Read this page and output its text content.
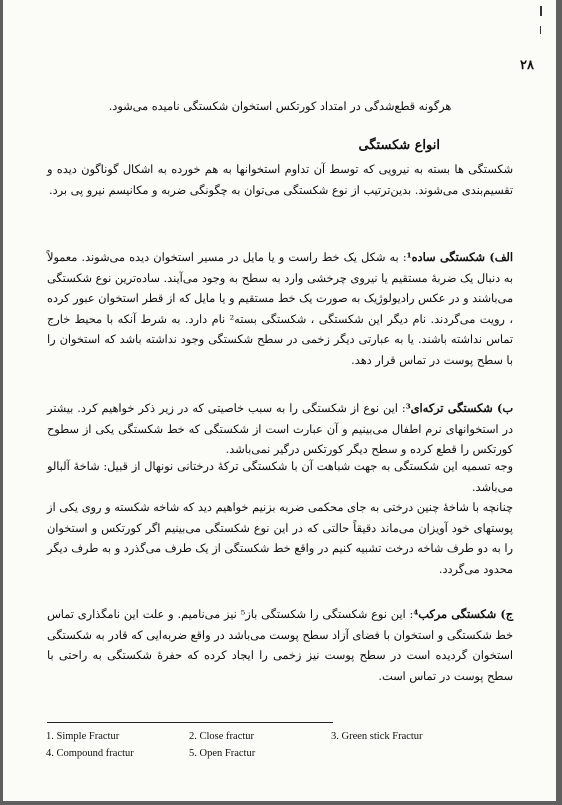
۲۸
هرگونه قطع‌شدگی در امتداد کورتکس استخوان شکستگی نامیده می‌شود.
انواع شکستگی
شکستگی ها بسته به نیرویی که توسط آن تداوم استخوانها به هم خورده به اشکال گوناگون دیده و تقسیم‌بندی می‌شوند. بدین‌ترتیب از نوع شکستگی می‌توان به چگونگی ضربه و مکانیسم نیرو پی برد.
الف) شکستگی ساده¹: به شکل یک خط راست و یا مایل در مسیر استخوان دیده می‌شوند. معمولاً به دنبال یک ضربهٔ مستقیم یا نیروی چرخشی وارد به سطح به وجود می‌آیند. ساده‌ترین نوع شکستگی می‌باشند و در عکس رادیولوژیک به صورت یک خط مستقیم و یا مایل که از قطر استخوان عبور کرده ، رویت می‌گردند. نام دیگر این شکستگی ، شکستگی بسته² نام دارد. به شرط آنکه با محیط خارج تماس نداشته باشند. یا به عبارتی دیگر زخمی در سطح شکستگی وجود نداشته باشد که استخوان را با سطح پوست در تماس قرار دهد.
ب) شکستگی ترکه‌ای³: این نوع از شکستگی را به سبب خاصیتی که در زیر ذکر خواهیم کرد. بیشتر در استخوانهای نرم اطفال می‌بینیم و آن عبارت است از شکستگی که خط شکستگی یکی از سطوح کورتکس را قطع کرده و سطح دیگر کورتکس درگیر نمی‌باشد.
وجه تسمیه این شکستگی به جهت شباهت آن با شکستگی ترکهٔ درختانی نونهال از قبیل: شاخهٔ آلبالو می‌باشد.
چنانچه با شاخهٔ چنین درختی به جای محکمی ضربه بزنیم خواهیم دید که شاخه شکسته و روی یکی از پوستهای خود آویزان می‌ماند دقیقاً حالتی که در این نوع شکستگی می‌بینیم اگر کورتکس و استخوان را به دو طرف شاخه درخت تشبیه کنیم در واقع خط شکستگی از یک طرف می‌گذرد و به طرف دیگر محدود می‌گردد.
ج) شکستگی مرکب⁴: این نوع شکستگی را شکستگی باز⁵ نیز می‌نامیم. و علت این نامگذاری تماس خط شکستگی و استخوان با فضای آزاد سطح پوست می‌باشد در واقع ضربه‌ایی که قادر به شکستگی استخوان گردیده است در سطح پوست نیز زخمی را ایجاد کرده که حفرهٔ شکستگی به راحتی با سطح پوست در تماس است.
1. Simple Fractur	2. Close fractur	3. Green stick Fractur
4. Compound fractur	5. Open Fractur
